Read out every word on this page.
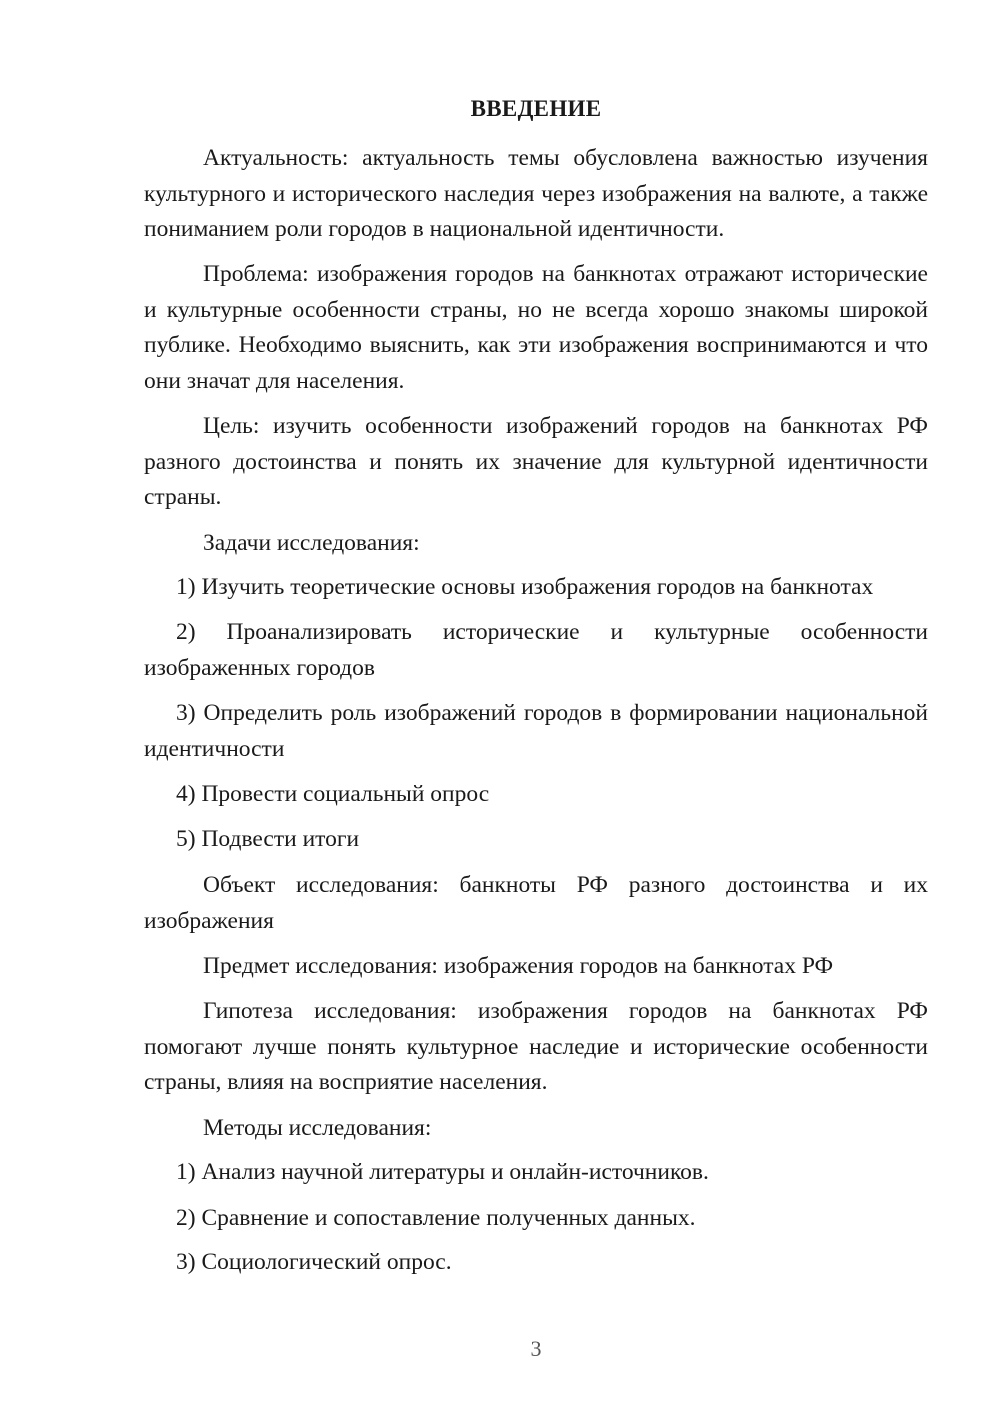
ВВЕДЕНИЕ

Актуальность: актуальность темы обусловлена важностью изучения культурного и исторического наследия через изображения на валюте, а также пониманием роли городов в национальной идентичности.

Проблема: изображения городов на банкнотах отражают исторические и культурные особенности страны, но не всегда хорошо знакомы широкой публике. Необходимо выяснить, как эти изображения воспринимаются и что они значат для населения.

Цель: изучить особенности изображений городов на банкнотах РФ разного достоинства и понять их значение для культурной идентичности страны.

Задачи исследования:

1) Изучить теоретические основы изображения городов на банкнотах

2) Проанализировать исторические и культурные особенности изображенных городов

3) Определить роль изображений городов в формировании национальной идентичности

4) Провести социальный опрос

5) Подвести итоги

Объект исследования: банкноты РФ разного достоинства и их изображения

Предмет исследования: изображения городов на банкнотах РФ

Гипотеза исследования: изображения городов на банкнотах РФ помогают лучше понять культурное наследие и исторические особенности страны, влияя на восприятие населения.

Методы исследования:

1) Анализ научной литературы и онлайн-источников.

2) Сравнение и сопоставление полученных данных.

3) Социологический опрос.

3
